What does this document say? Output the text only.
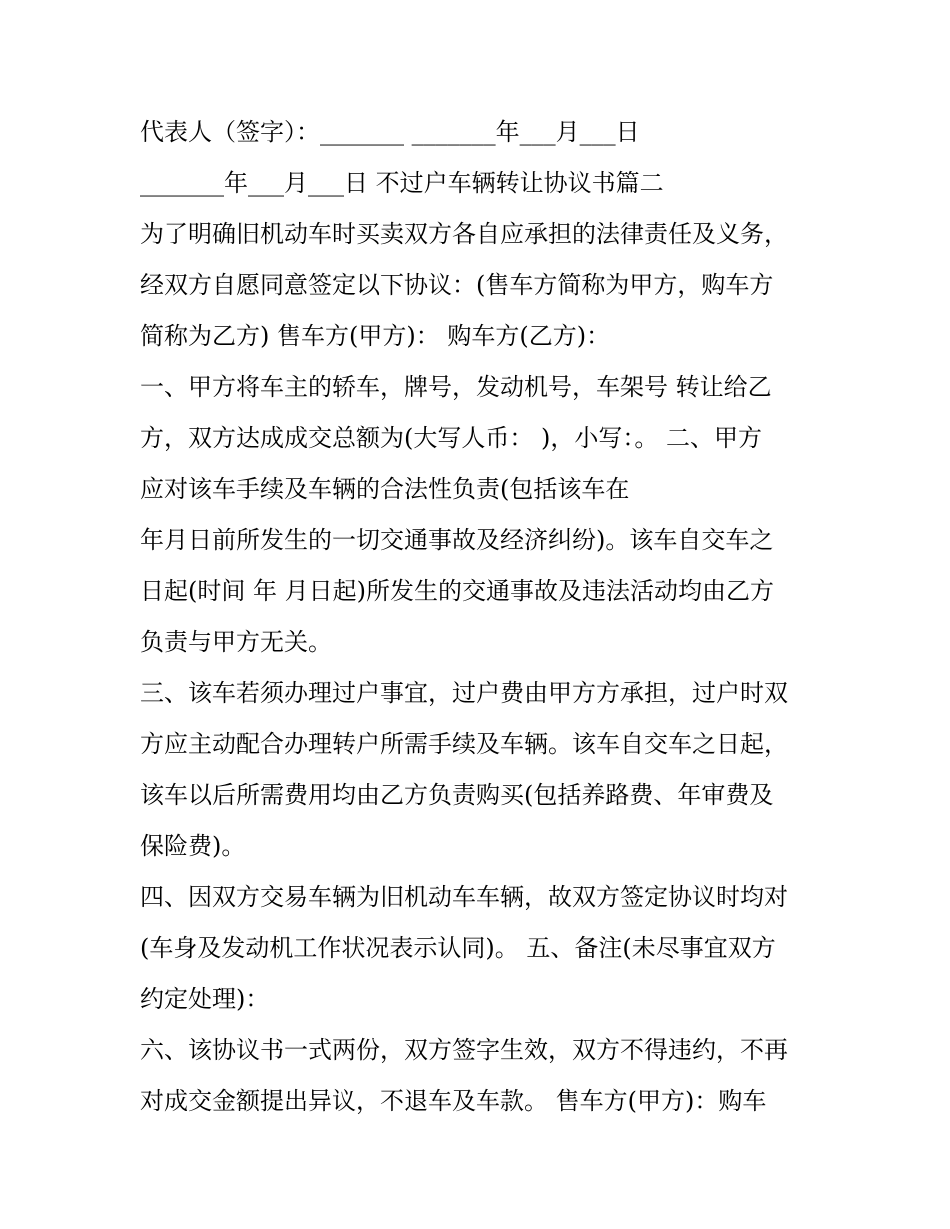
代表人（签字）：_______ _______年___月___日
_______年___月___日 不过户车辆转让协议书篇二
为了明确旧机动车时买卖双方各自应承担的法律责任及义务，
经双方自愿同意签定以下协议：(售车方简称为甲方，购车方
简称为乙方) 售车方(甲方)： 购车方(乙方)：
一、甲方将车主的轿车，牌号，发动机号，车架号 转让给乙
方，双方达成成交总额为(大写人币： )，小写：。 二、甲方
应对该车手续及车辆的合法性负责(包括该车在
年月日前所发生的一切交通事故及经济纠纷)。该车自交车之
日起(时间 年 月日起)所发生的交通事故及违法活动均由乙方
负责与甲方无关。
三、该车若须办理过户事宜，过户费由甲方方承担，过户时双
方应主动配合办理转户所需手续及车辆。该车自交车之日起，
该车以后所需费用均由乙方负责购买(包括养路费、年审费及
保险费)。
四、因双方交易车辆为旧机动车车辆，故双方签定协议时均对
(车身及发动机工作状况表示认同)。 五、备注(未尽事宜双方
约定处理)：
六、该协议书一式两份，双方签字生效，双方不得违约，不再
对成交金额提出异议，不退车及车款。 售车方(甲方)：购车
